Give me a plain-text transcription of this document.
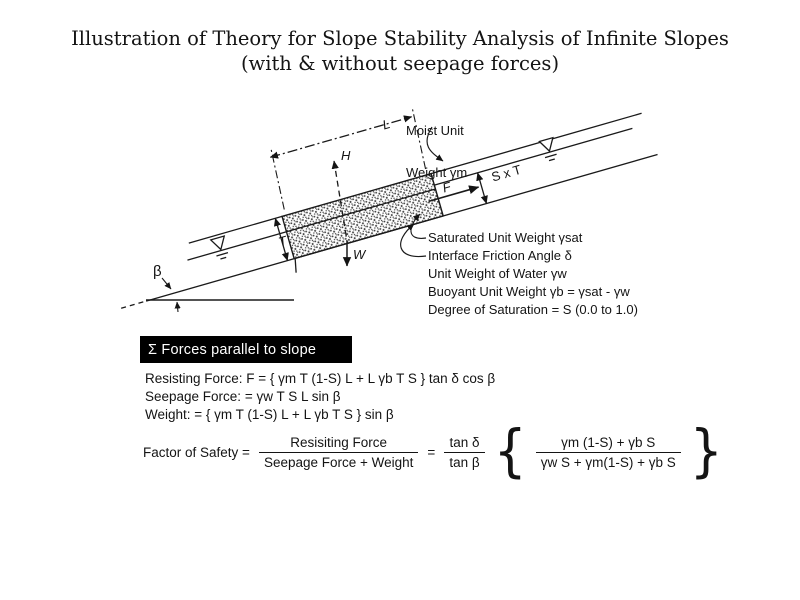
Illustration of Theory for Slope Stability Analysis of Infinite Slopes
(with & without seepage forces)

Moist Unit

Weight γm

L
H
T
S x T
W
F
β
Saturated Unit Weight γsat
Interface Friction Angle δ
Unit Weight of Water γw
Buoyant Unit Weight γb = γsat - γw
Degree of Saturation = S (0.0 to 1.0)
Σ Forces parallel to slope
Resisting Force: F = { γm T (1-S) L + L γb T S } tan δ cos β
Seepage Force: = γw T S L sin β
Weight: = { γm T (1-S) L + L γb T S } sin β
Factor of Safety = $\frac{\text{Resisiting Force}}{\text{Seepage Force + Weight}} = \frac{\text{tan δ}}{\text{tan β}}$ { $\frac{\text{γm (1-S) + γb S}}{\text{γw S + γm(1-S) + γb S}}$ }
